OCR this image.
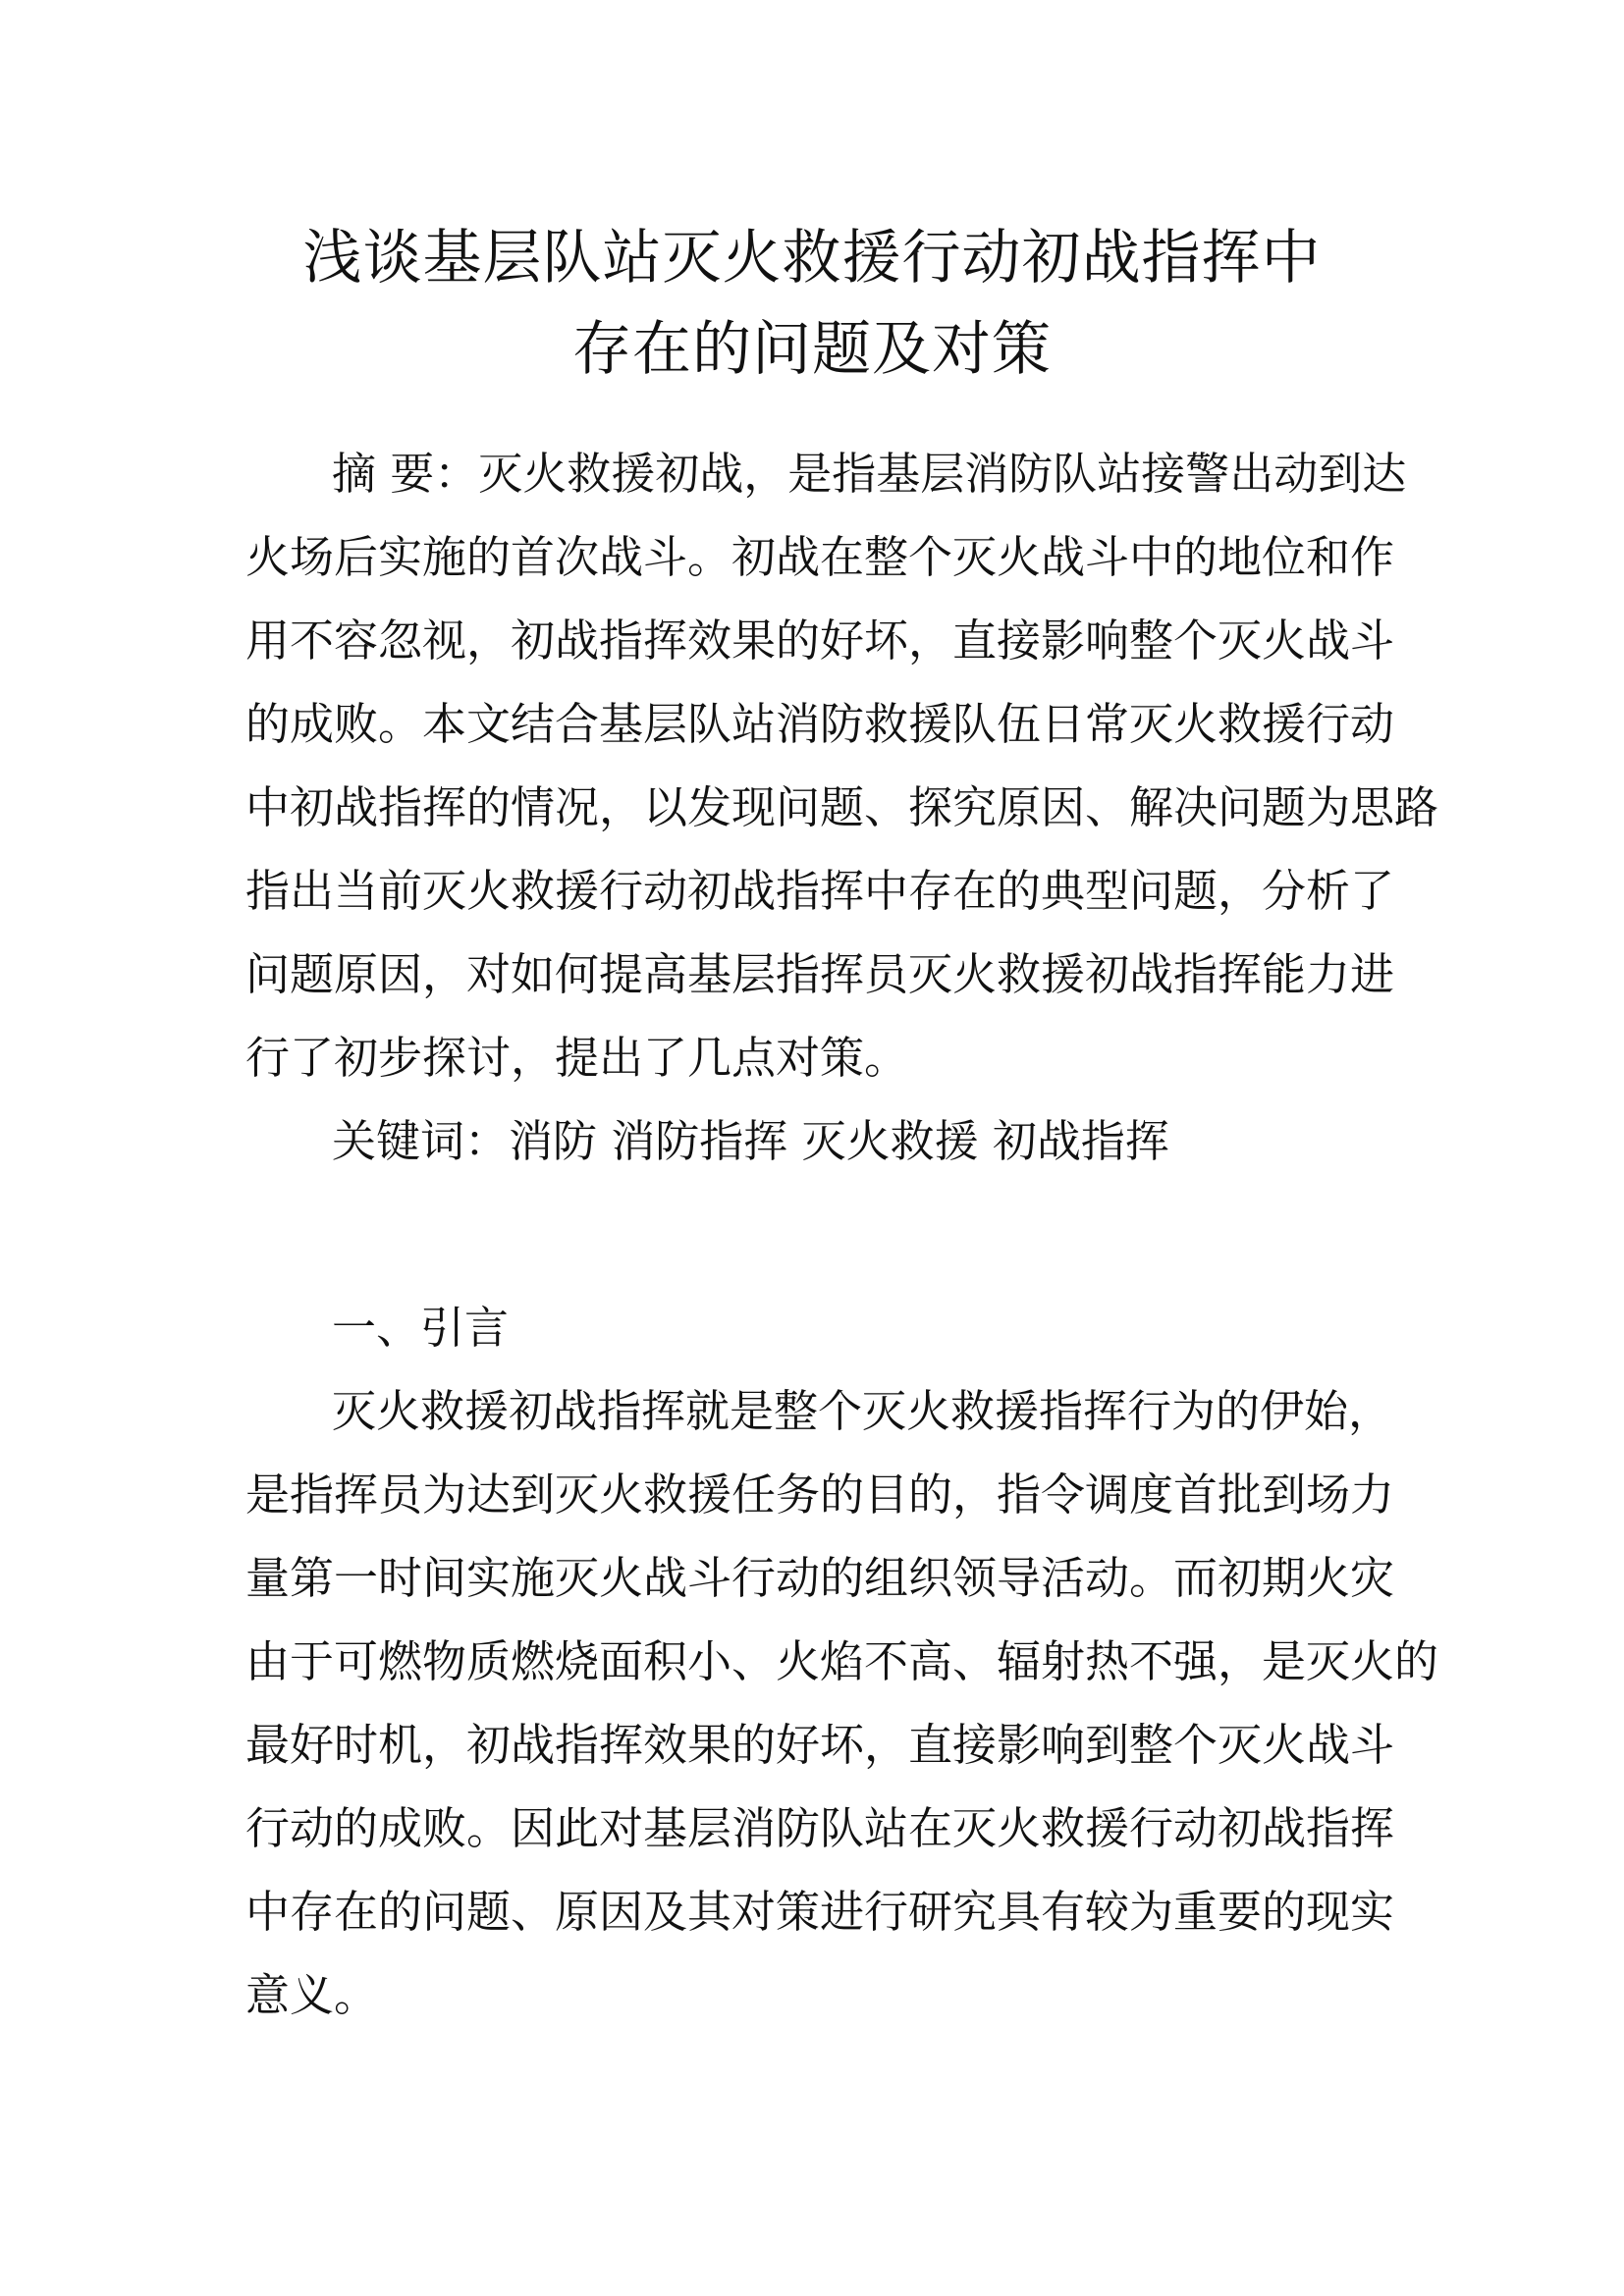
浅谈基层队站灭火救援行动初战指挥中
存在的问题及对策

摘 要：灭火救援初战，是指基层消防队站接警出动到达

火场后实施的首次战斗。初战在整个灭火战斗中的地位和作

用不容忽视，初战指挥效果的好坏，直接影响整个灭火战斗

的成败。本文结合基层队站消防救援队伍日常灭火救援行动

中初战指挥的情况，以发现问题、探究原因、解决问题为思路

指出当前灭火救援行动初战指挥中存在的典型问题，分析了

问题原因，对如何提高基层指挥员灭火救援初战指挥能力进

行了初步探讨，提出了几点对策。

关键词：消防 消防指挥 灭火救援 初战指挥

一、引言

灭火救援初战指挥就是整个灭火救援指挥行为的伊始，

是指挥员为达到灭火救援任务的目的，指令调度首批到场力

量第一时间实施灭火战斗行动的组织领导活动。而初期火灾

由于可燃物质燃烧面积小、火焰不高、辐射热不强，是灭火的

最好时机，初战指挥效果的好坏，直接影响到整个灭火战斗

行动的成败。因此对基层消防队站在灭火救援行动初战指挥

中存在的问题、原因及其对策进行研究具有较为重要的现实

意义。
